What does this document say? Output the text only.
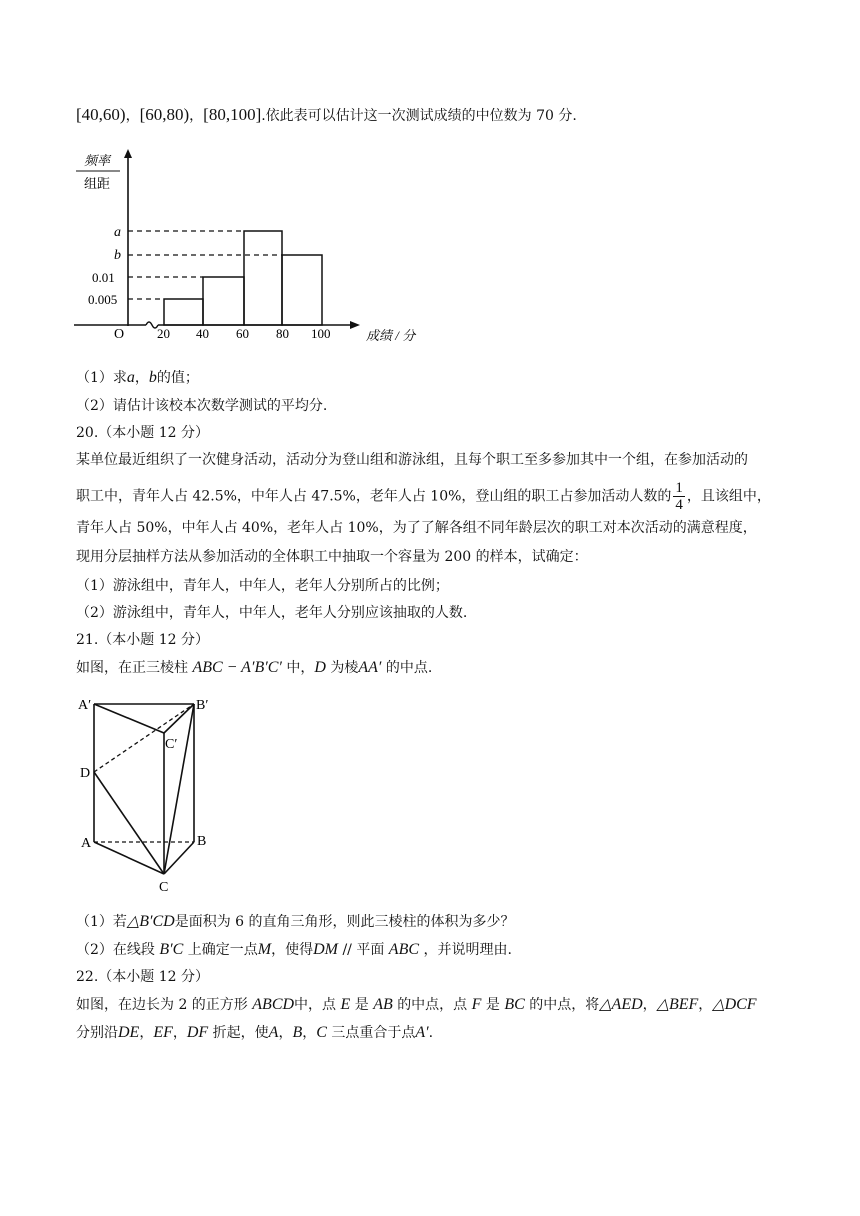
[40,60)，[60,80)，[80,100].依此表可以估计这一次测试成绩的中位数为 70 分.
频率
组距
O	20 40 60 80 100	成绩 / 分
a
b
0.01
0.005
（1）求a，b的值；
（2）请估计该校本次数学测试的平均分.
20.（本小题 12 分）
某单位最近组织了一次健身活动，活动分为登山组和游泳组，且每个职工至多参加其中一个组，在参加活动的
职工中，青年人占 42.5%，中年人占 47.5%，老年人占 10%，登山组的职工占参加活动人数的 $\frac{1}{4}$ ，且该组中，
青年人占 50%，中年人占 40%，老年人占 10%，为了了解各组不同年龄层次的职工对本次活动的满意程度，
现用分层抽样方法从参加活动的全体职工中抽取一个容量为 200 的样本，试确定：
（1）游泳组中，青年人，中年人，老年人分别所占的比例；
（2）游泳组中，青年人，中年人，老年人分别应该抽取的人数.
21.（本小题 12 分）
如图，在正三棱柱 ABC − A′B′C′ 中，D 为棱AA′ 的中点.
A′	B′
C′
D
A	B
C
（1）若△B′CD是面积为 6 的直角三角形，则此三棱柱的体积为多少？
（2）在线段 B′C 上确定一点M，使得DM // 平面 ABC ，并说明理由.
22.（本小题 12 分）
如图，在边长为 2 的正方形 ABCD中，点 E 是 AB 的中点，点 F 是 BC 的中点，将△AED，△BEF，△DCF
分别沿DE，EF，DF 折起，使A，B，C 三点重合于点A′.
